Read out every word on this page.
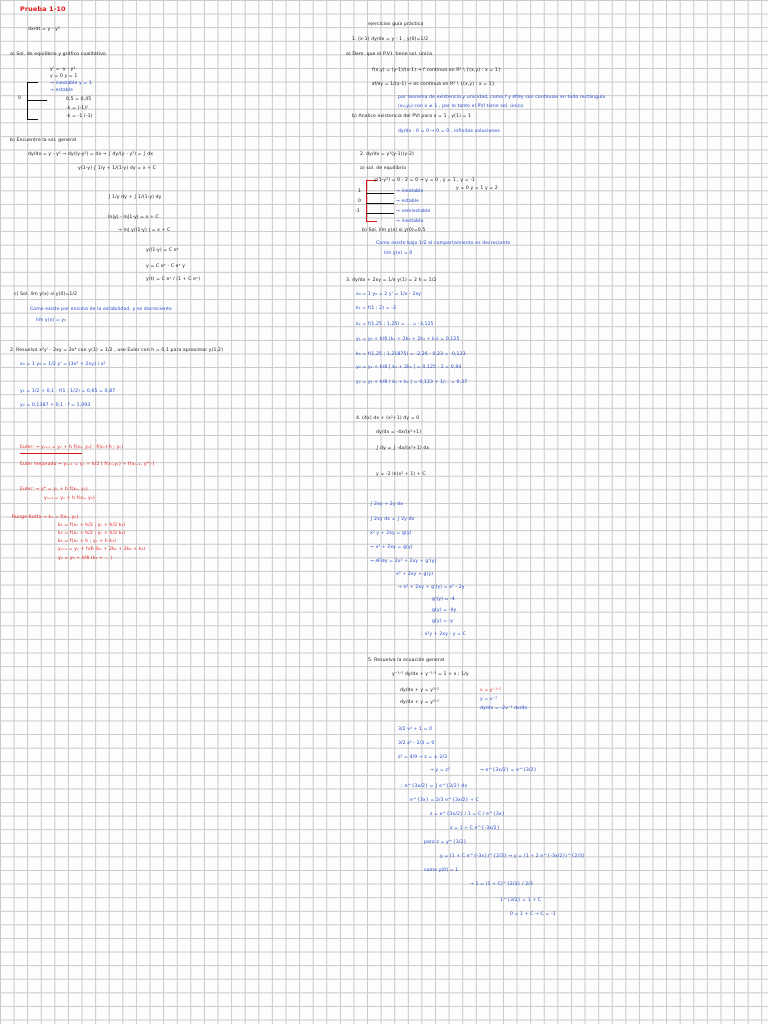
Prueba 1-10
0
1
0
-1
dx/dt = y - y²
a) Sol. de equilibrio y gráfico cualitativo
y' = -y - y²
y = 0 y = 1
→ inestable y = 1
→ estable
0,5 = 0,45
-k = (-1)²
-k = -1 (-1)
b) Encuentre la sol. general
dy/dx = y - y² → dy/(y-y²) = dx → ∫ dy/(y - y²) = ∫ dx
y(1-y) ∫ 1/y + 1/(1-y) dy = x + C
∫ 1/y dy + ∫ 1/(1-y) dy
ln|y| - ln|1-y| = x + C
→ ln| y/(1-y) | = x + C
y/(1-y) = C eˣ
y = C eˣ - C eˣ y
y(t) = C eˣ / (1 + C eˣ)
c) Sol. lím y(x) si y(0)=1/2
Como existe por encima de la estabilidad, y es decreciente
lím y(x) = y₀
2. Resuelva x²y' - 2xy = 3x⁴ con y(1) = 1/2 , use Euler con h = 0,1 para aproximar y(1,2)
x₀ = 1 y₀ = 1/2 y' = (3x⁴ + 2xy) / x²
y₁ = 1/2 + 0,1 · f(1 ; 1/2) = 0,65 = 0,87
y₂ = 0,1387 + 0,1 · f = 1,093
Euler: → yₙ₊₁ = yₙ + h f(xₙ, yₙ) · f(xₙ+h ; yₙ)
Euler mejorado → yₙ₊₁ = yₙ + h/2 [ f(xₙ,yₙ) + f(xₙ₊₁, y*) ]
Euler: → y* = yₙ + h f(xₙ, yₙ)
yₙ₊₁ = yₙ + h f(xₙ, yₙ)
Runge-Kutta → k₁ = f(xₙ, yₙ)
k₂ = f(xₙ + h/2 ; yₙ + h/2 k₁)
k₃ = f(xₙ + h/2 ; yₙ + h/2 k₂)
k₄ = f(xₙ + h ; yₙ + h k₃)
yₙ₊₁ = yₙ + h/6 (k₁ + 2k₂ + 2k₃ + k₄)
y₁ = y₀ + h/6 (k₁ + ... )
ejercicios guía práctica
1. (x-1) dy/dx = y - 1 , y(0)=1/2
a) Dem. que el P.V.I. tiene sol. única
f(x,y) = (y-1)/(x-1) → f continua en R² \ {(x,y) : x = 1}
∂f/∂y = 1/(x-1) → es continua en R² \ {(x,y) : x = 1}
por teorema de existencia y unicidad, como f y ∂f/∂y son continuas en todo rectángulo
(x₀,y₀) con x ≠ 1 , por lo tanto el PVI tiene sol. única
b) Analice existencia del PVI para x = 1 , y(1) = 1
dy/dx · 0 = 0 → 0 = 0 , infinitas soluciones
2. dy/dx = y²(y-1)(y-2)
a) sol. de equilibrio
y(1-y²) = 0 - 2 = 0 → y = 0 , y = 1 , y = -1
→ inestable
→ estable
→ semiestable
→ inestable
y = 0 y = 1 y = 2
b) Sol. lím y(x) si y(0)=0,5
Como existe bajo 1/2 el comportamiento es decreciente
lím y(x) = 0
3. dy/dx + 2xy = 1/x y(1) = 2 h = 1/2
x₀ = 1 y₀ = 2 y' = 1/x - 2xy
k₁ = f(1 ; 2) = -3
k₂ = f(1,25 ; 1,25) = ... = -3,125
y₁ = y₀ + h/6 (k₁ + 2k₂ + 2k₃ + k₄) = 0,125
k₃ = f(1,25 ; 1,21875) = -2,26 · 0,23 = -0,123
y₂ = y₁ + h/6 [ k₁ + 2k₂ ] = 0,125 · 2 = 0,94
y₂ = y₁ + h/6 ( k₁ + k₂ ) = 0,123 + 1/... = 0,37
4. (4x) dx + (x²+1) dy = 0
dy/dx = -4x/(x²+1)
∫ dy = ∫ -4x/(x²+1) dx
y = -2 ln(x² + 1) + C
∫ 2xy + 2y dx
∫ 2xy dx = ∫ 2y dx
x² y + 2xy = g(y)
→ x² + 2xy = g(y)
→ ∂F/∂y = 2x² + 2xy + g'(y)
x² + 2xy + g(y)
→ x² + 2xy + g'(y) = x² - 2y
g'(y) = -4
g(y) = -4y
g(y) = -y
∴ x²y + 2xy - y = C
5. Resuelva la ecuación general
y⁻³ᐟ² dy/dx + y⁻¹ᐟ² = 1 + x ; 1/y
dy/dx + y = y³ᐟ²
dy/dx + y = y³ᐟ²
v = y⁻¹ᐟ²
y = v⁻²
dy/dx = -2v⁻³ dv/dx
3/2 v² + 1 = 0
3/2 z² - 2/3 = 0
z² = 4/9 → z = ± 2/3
→ y = z²	→ e^{3x/2} = e^{3/2}
∴ e^{3x/2} = ∫ e^{3/2} dx
e^{3x} = 2/3 e^{3x/2} + C
z = e^{3x/2} / 1 = C / e^{3x}
z = 1 + C e^{-3x/2}
para z = y^{3/2}
y = (1 + C e^{-3x})^{2/3} → y = (1 + 2 e^{-3x/2})^{2/3}
como y(0) = 1
→ 1 = (1 + C)^{2/3} / 2/3
1^{3/2} = 1 + C
0 = 1 + C → C = -1
